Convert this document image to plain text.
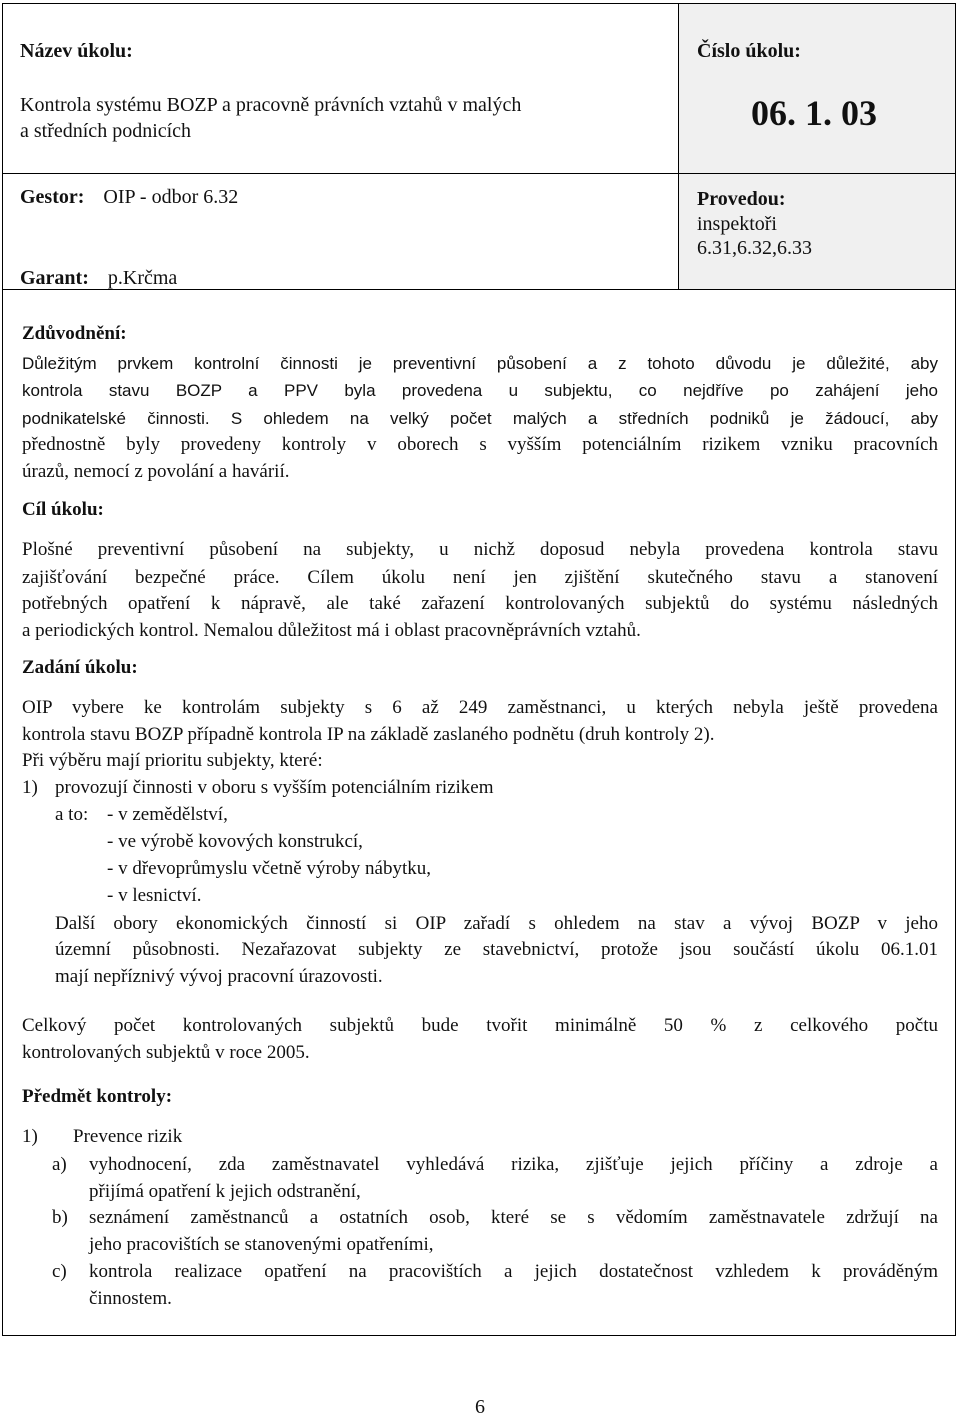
Název úkolu:
Kontrola systému BOZP a pracovně právních vztahů v malých
a středních podnicích
Gestor: OIP - odbor 6.32
Garant: p.Krčma
Číslo úkolu:
06. 1. 03
Provedou:
inspektoři
6.31,6.32,6.33
Zdůvodnění:
Důležitým prvkem kontrolní činnosti je preventivní působení a z tohoto důvodu je důležité, aby
kontrola stavu BOZP a PPV byla provedena u subjektu, co nejdříve po zahájení jeho
podnikatelské činnosti. S ohledem na velký počet malých a středních podniků je žádoucí, aby
přednostně byly provedeny kontroly v oborech s vyšším potenciálním rizikem vzniku pracovních
úrazů, nemocí z povolání a havárií.
Cíl úkolu:
Plošné preventivní působení na subjekty, u nichž doposud nebyla provedena kontrola stavu
zajišťování bezpečné práce. Cílem úkolu není jen zjištění skutečného stavu a stanovení
potřebných opatření k nápravě, ale také zařazení kontrolovaných subjektů do systému následných
a periodických kontrol. Nemalou důležitost má i oblast pracovněprávních vztahů.
Zadání úkolu:
OIP vybere ke kontrolám subjekty s 6 až 249 zaměstnanci, u kterých nebyla ještě provedena
kontrola stavu BOZP případně kontrola IP na základě zaslaného podnětu (druh kontroly 2).
Při výběru mají prioritu subjekty, které:
1) provozují činnosti v oboru s vyšším potenciálním rizikem
a to: - v zemědělství,
- ve výrobě kovových konstrukcí,
- v dřevoprůmyslu včetně výroby nábytku,
- v lesnictví.
Další obory ekonomických činností si OIP zařadí s ohledem na stav a vývoj BOZP v jeho
územní působnosti. Nezařazovat subjekty ze stavebnictví, protože jsou součástí úkolu 06.1.01
mají nepříznivý vývoj pracovní úrazovosti.
Celkový počet kontrolovaných subjektů bude tvořit minimálně 50 % z celkového počtu
kontrolovaných subjektů v roce 2005.
Předmět kontroly:
1) Prevence rizik
a)	vyhodnocení, zda zaměstnavatel vyhledává rizika, zjišťuje jejich příčiny a zdroje a
přijímá opatření k jejich odstranění,
b)	seznámení zaměstnanců a ostatních osob, které se s vědomím zaměstnavatele zdržují na
jeho pracovištích se stanovenými opatřeními,
c)	kontrola realizace opatření na pracovištích a jejich dostatečnost vzhledem k prováděným
činnostem.
6
